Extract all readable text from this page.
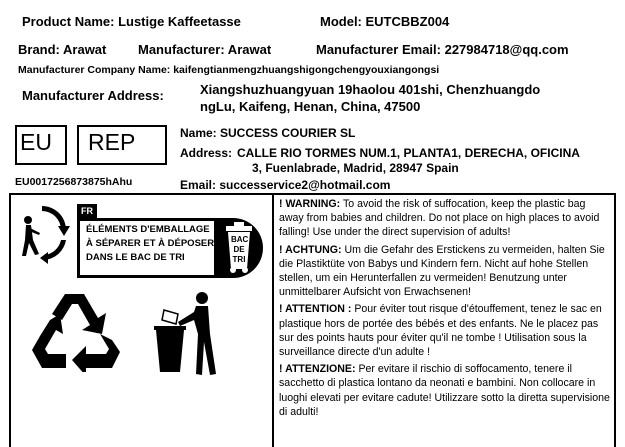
Product Name: Lustige Kaffeetasse	Model: EUTCBBZ004
Brand: Arawat Manufacturer: Arawat	Manufacturer Email: 227984718@qq.com
Manufacturer Company Name: kaifengtianmengzhuangshigongchengyouxiangongsi
Manufacturer Address:	Xiangshuzhuangyuan 19haolou 401shi, Chenzhuangdo
ngLu, Kaifeng, Henan, China, 47500
EU REP
EU0017256873875hAhu
Name: SUCCESS COURIER SL
Address: CALLE RIO TORMES NUM.1, PLANTA1, DERECHA, OFICINA
3, Fuenlabrade, Madrid, 28947 Spain
Email: successervice2@hotmail.com
FR
ÉLÉMENTS D'EMBALLAGE
À SÉPARER ET À DÉPOSER
DANS LE BAC DE TRI
BAC
DE
TRI

! WARNING: To avoid the risk of suffocation, keep the plastic bag away from babies and children. Do not place on high places to avoid falling! Use under the direct supervision of adults!

! ACHTUNG: Um die Gefahr des Erstickens zu vermeiden, halten Sie die Plastiktüte von Babys und Kindern fern. Nicht auf hohe Stellen stellen, um ein Herunterfallen zu vermeiden! Benutzung unter unmittelbarer Aufsicht von Erwachsenen!

! ATTENTION : Pour éviter tout risque d'étouffement, tenez le sac en plastique hors de portée des bébés et des enfants. Ne le placez pas sur des points hauts pour éviter qu'il ne tombe ! Utilisation sous la surveillance directe d'un adulte !

! ATTENZIONE: Per evitare il rischio di soffocamento, tenere il sacchetto di plastica lontano da neonati e bambini. Non collocare in luoghi elevati per evitare cadute! Utilizzare sotto la diretta supervisione di adulti!
